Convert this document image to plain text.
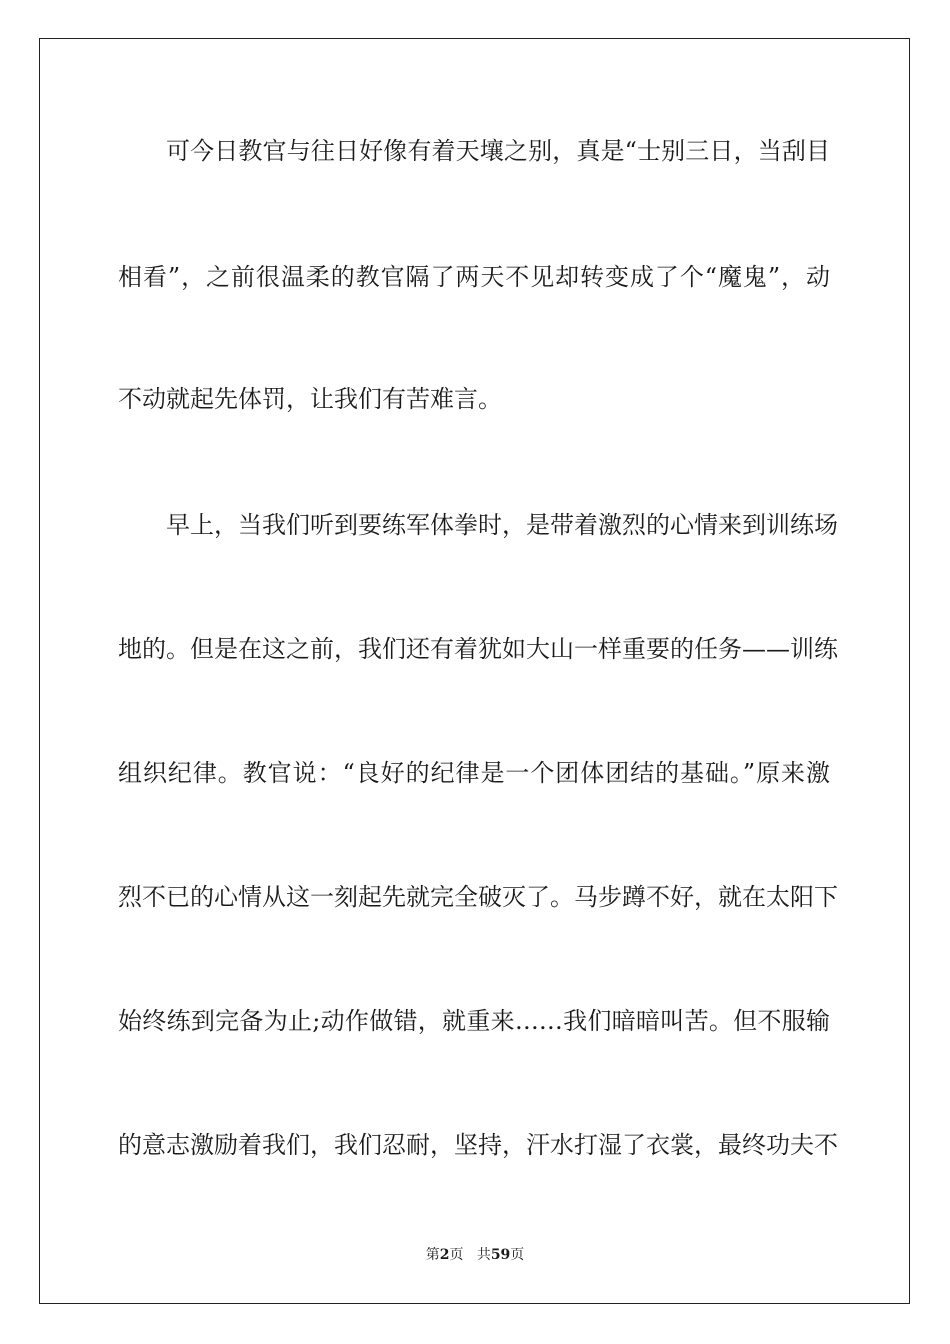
可今日教官与往日好像有着天壤之别，真是“士别三日，当刮目
相看”，之前很温柔的教官隔了两天不见却转变成了个“魔鬼”，动
不动就起先体罚，让我们有苦难言。
早上，当我们听到要练军体拳时，是带着激烈的心情来到训练场
地的。但是在这之前，我们还有着犹如大山一样重要的任务——训练
组织纪律。教官说：“良好的纪律是一个团体团结的基础。”原来激
烈不已的心情从这一刻起先就完全破灭了。马步蹲不好，就在太阳下
始终练到完备为止;动作做错，就重来……我们暗暗叫苦。但不服输
的意志激励着我们，我们忍耐，坚持，汗水打湿了衣裳，最终功夫不
第2页 共59页
